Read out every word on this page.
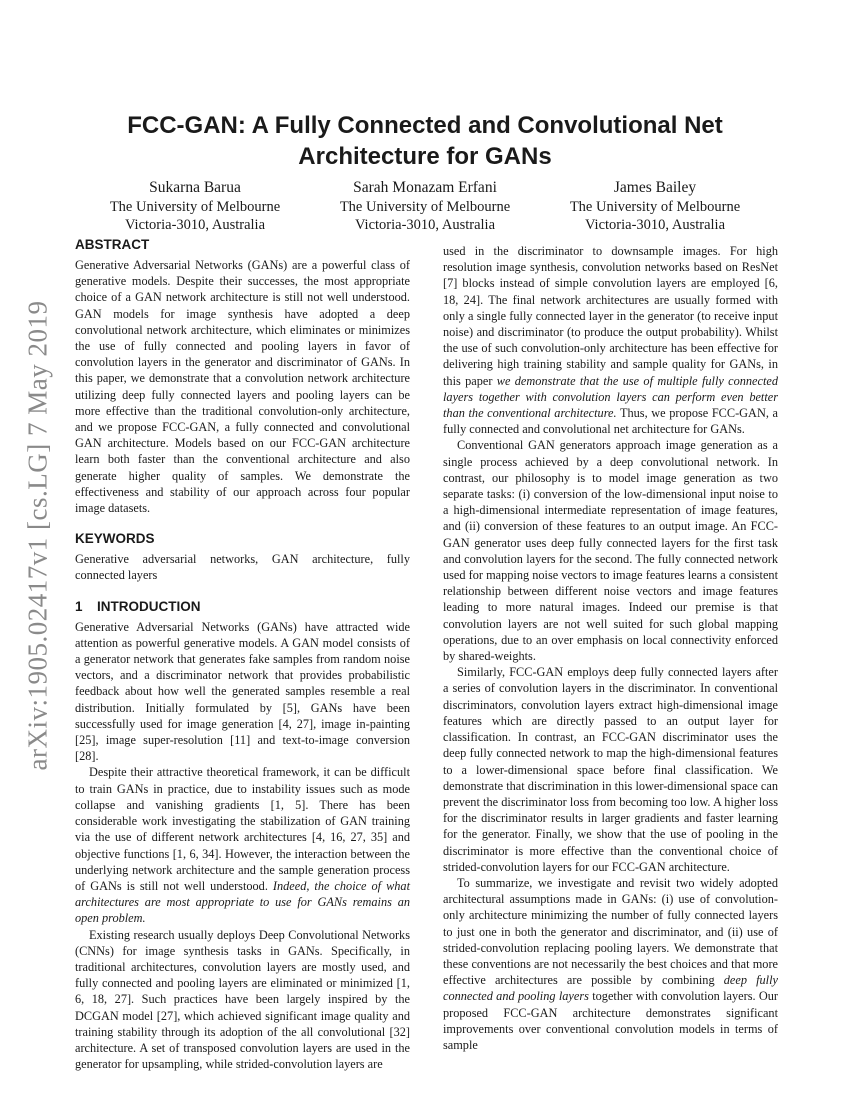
arXiv:1905.02417v1 [cs.LG] 7 May 2019
FCC-GAN: A Fully Connected and Convolutional Net Architecture for GANs
Sukarna Barua
The University of Melbourne
Victoria-3010, Australia
Sarah Monazam Erfani
The University of Melbourne
Victoria-3010, Australia
James Bailey
The University of Melbourne
Victoria-3010, Australia
ABSTRACT

Generative Adversarial Networks (GANs) are a powerful class of generative models. Despite their successes, the most appropriate choice of a GAN network architecture is still not well understood. GAN models for image synthesis have adopted a deep convolutional network architecture, which eliminates or minimizes the use of fully connected and pooling layers in favor of convolution layers in the generator and discriminator of GANs. In this paper, we demonstrate that a convolution network architecture utilizing deep fully connected layers and pooling layers can be more effective than the traditional convolution-only architecture, and we propose FCC-GAN, a fully connected and convolutional GAN architecture. Models based on our FCC-GAN architecture learn both faster than the conventional architecture and also generate higher quality of samples. We demonstrate the effectiveness and stability of our approach across four popular image datasets.

KEYWORDS

Generative adversarial networks, GAN architecture, fully connected layers

1 INTRODUCTION

Generative Adversarial Networks (GANs) have attracted wide attention as powerful generative models. A GAN model consists of a generator network that generates fake samples from random noise vectors, and a discriminator network that provides probabilistic feedback about how well the generated samples resemble a real distribution. Initially formulated by [5], GANs have been successfully used for image generation [4, 27], image in-painting [25], image super-resolution [11] and text-to-image conversion [28].

Despite their attractive theoretical framework, it can be difficult to train GANs in practice, due to instability issues such as mode collapse and vanishing gradients [1, 5]. There has been considerable work investigating the stabilization of GAN training via the use of different network architectures [4, 16, 27, 35] and objective functions [1, 6, 34]. However, the interaction between the underlying network architecture and the sample generation process of GANs is still not well understood. Indeed, the choice of what architectures are most appropriate to use for GANs remains an open problem.

Existing research usually deploys Deep Convolutional Networks (CNNs) for image synthesis tasks in GANs. Specifically, in traditional architectures, convolution layers are mostly used, and fully connected and pooling layers are eliminated or minimized [1, 6, 18, 27]. Such practices have been largely inspired by the DCGAN model [27], which achieved significant image quality and training stability through its adoption of the all convolutional [32] architecture. A set of transposed convolution layers are used in the generator for upsampling, while strided-convolution layers are

used in the discriminator to downsample images. For high resolution image synthesis, convolution networks based on ResNet [7] blocks instead of simple convolution layers are employed [6, 18, 24]. The final network architectures are usually formed with only a single fully connected layer in the generator (to receive input noise) and discriminator (to produce the output probability). Whilst the use of such convolution-only architecture has been effective for delivering high training stability and sample quality for GANs, in this paper we demonstrate that the use of multiple fully connected layers together with convolution layers can perform even better than the conventional architecture. Thus, we propose FCC-GAN, a fully connected and convolutional net architecture for GANs.

Conventional GAN generators approach image generation as a single process achieved by a deep convolutional network. In contrast, our philosophy is to model image generation as two separate tasks: (i) conversion of the low-dimensional input noise to a high-dimensional intermediate representation of image features, and (ii) conversion of these features to an output image. An FCC-GAN generator uses deep fully connected layers for the first task and convolution layers for the second. The fully connected network used for mapping noise vectors to image features learns a consistent relationship between different noise vectors and image features leading to more natural images. Indeed our premise is that convolution layers are not well suited for such global mapping operations, due to an over emphasis on local connectivity enforced by shared-weights.

Similarly, FCC-GAN employs deep fully connected layers after a series of convolution layers in the discriminator. In conventional discriminators, convolution layers extract high-dimensional image features which are directly passed to an output layer for classification. In contrast, an FCC-GAN discriminator uses the deep fully connected network to map the high-dimensional features to a lower-dimensional space before final classification. We demonstrate that discrimination in this lower-dimensional space can prevent the discriminator loss from becoming too low. A higher loss for the discriminator results in larger gradients and faster learning for the generator. Finally, we show that the use of pooling in the discriminator is more effective than the conventional choice of strided-convolution layers for our FCC-GAN architecture.

To summarize, we investigate and revisit two widely adopted architectural assumptions made in GANs: (i) use of convolution-only architecture minimizing the number of fully connected layers to just one in both the generator and discriminator, and (ii) use of strided-convolution replacing pooling layers. We demonstrate that these conventions are not necessarily the best choices and that more effective architectures are possible by combining deep fully connected and pooling layers together with convolution layers. Our proposed FCC-GAN architecture demonstrates significant improvements over conventional convolution models in terms of sample
